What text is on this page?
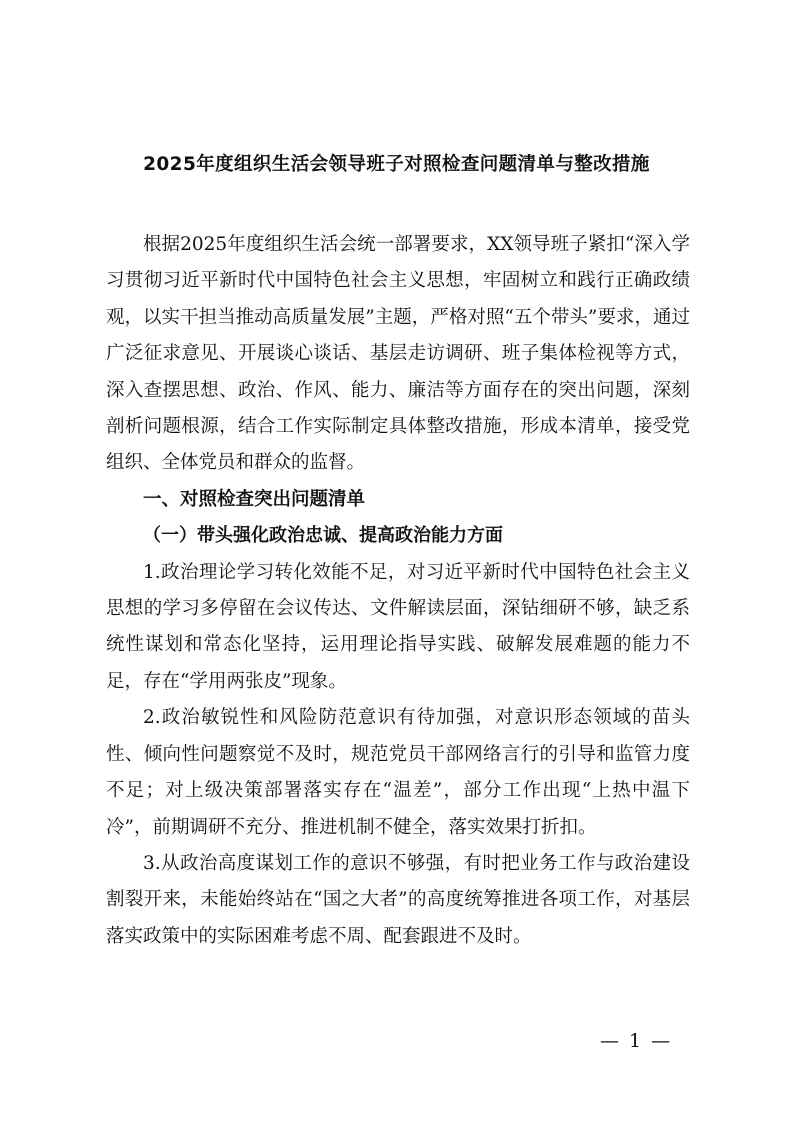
2025年度组织生活会领导班子对照检查问题清单与整改措施

根据2025年度组织生活会统一部署要求，XX领导班子紧扣“深入学习贯彻习近平新时代中国特色社会主义思想，牢固树立和践行正确政绩观，以实干担当推动高质量发展”主题，严格对照“五个带头”要求，通过广泛征求意见、开展谈心谈话、基层走访调研、班子集体检视等方式，深入查摆思想、政治、作风、能力、廉洁等方面存在的突出问题，深刻剖析问题根源，结合工作实际制定具体整改措施，形成本清单，接受党组织、全体党员和群众的监督。

一、对照检查突出问题清单

（一）带头强化政治忠诚、提高政治能力方面

1.政治理论学习转化效能不足，对习近平新时代中国特色社会主义思想的学习多停留在会议传达、文件解读层面，深钻细研不够，缺乏系统性谋划和常态化坚持，运用理论指导实践、破解发展难题的能力不足，存在“学用两张皮”现象。

2.政治敏锐性和风险防范意识有待加强，对意识形态领域的苗头性、倾向性问题察觉不及时，规范党员干部网络言行的引导和监管力度不足；对上级决策部署落实存在“温差”，部分工作出现“上热中温下冷”，前期调研不充分、推进机制不健全，落实效果打折扣。

3.从政治高度谋划工作的意识不够强，有时把业务工作与政治建设割裂开来，未能始终站在“国之大者”的高度统筹推进各项工作，对基层落实政策中的实际困难考虑不周、配套跟进不及时。

— 1 —
